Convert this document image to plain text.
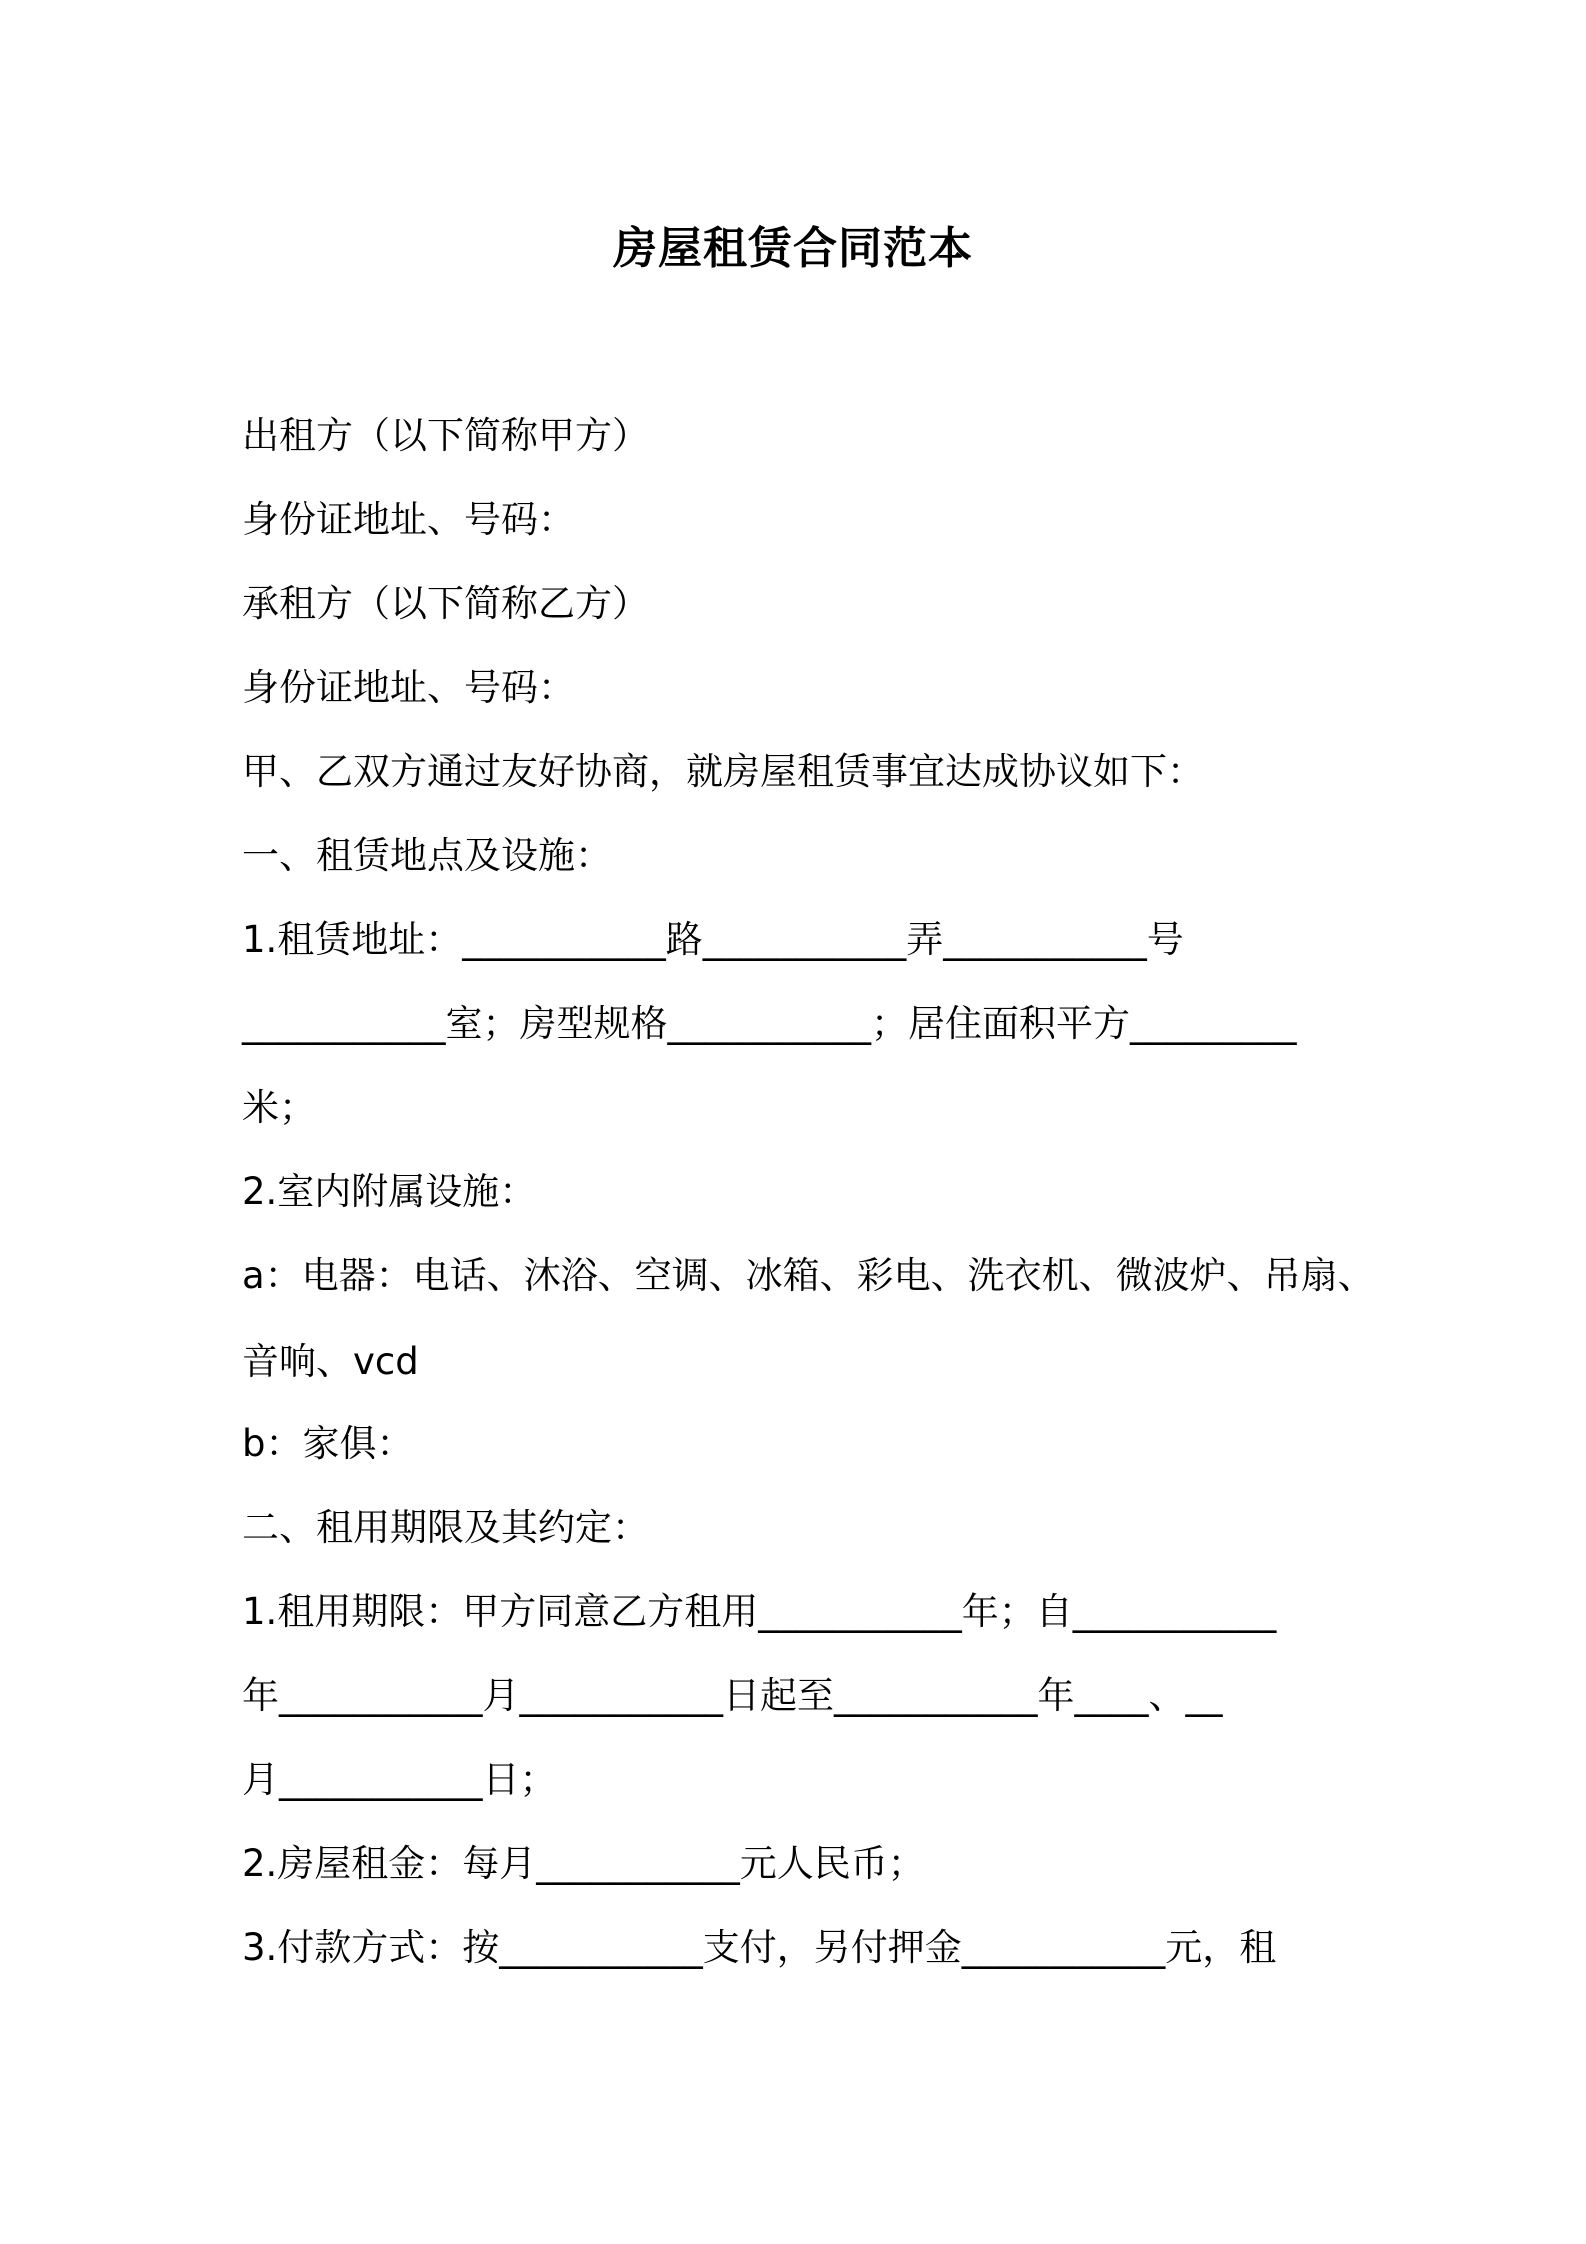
房屋租赁合同范本
出租方（以下简称甲方）
身份证地址、号码：
承租方（以下简称乙方）
身份证地址、号码：
甲、乙双方通过友好协商，就房屋租赁事宜达成协议如下：
一、租赁地点及设施：
1.租赁地址：___________路___________弄___________号
___________室；房型规格___________；居住面积平方_________
米；
2.室内附属设施：
a：电器：电话、沐浴、空调、冰箱、彩电、洗衣机、微波炉、吊扇、
音响、vcd
b：家俱：
二、租用期限及其约定：
1.租用期限：甲方同意乙方租用___________年；自___________
年___________月___________日起至___________年____、__
月___________日；
2.房屋租金：每月___________元人民币；
3.付款方式：按___________支付，另付押金___________元，租
